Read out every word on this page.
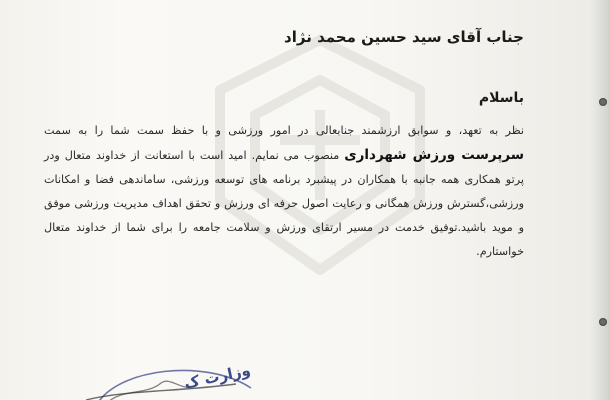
جناب آقای سید حسین محمد نژاد

باسلام

نظر به تعهد، و سوابق ارزشمند جنابعالی در امور ورزشی و با حفظ سمت شما را به سمت سرپرست ورزش شهرداری منصوب می نمایم. امید است با استعانت از خداوند متعال ودر پرتو همکاری همه جانبه با همکاران در پیشبرد برنامه های توسعه ورزشی، ساماندهی فضا و امکانات ورزشی،گسترش ورزش همگانی و رعایت اصول حرفه ای ورزش و تحقق اهداف مدیریت ورزشی موفق و موید باشید.توفیق خدمت در مسیر ارتقای ورزش و سلامت جامعه را برای شما از خداوند متعال خواستارم.

وزارت ک
